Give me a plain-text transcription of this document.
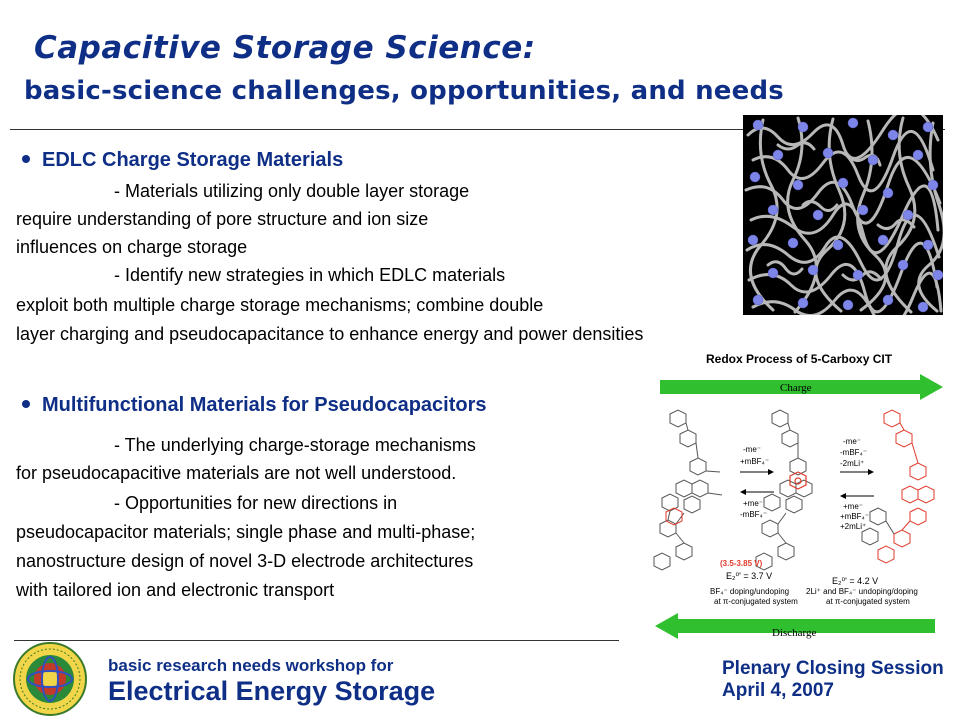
Capacitive Storage Science:
basic-science challenges, opportunities, and needs
EDLC Charge Storage Materials
- Materials utilizing only double layer storage
require understanding of pore structure and ion size
influences on charge storage
- Identify new strategies in which EDLC materials
exploit both multiple charge storage mechanisms; combine double
layer charging and pseudocapacitance to enhance energy and power densities
Multifunctional Materials for Pseudocapacitors
- The underlying charge-storage mechanisms
for pseudocapacitive materials are not well understood.
- Opportunities for new directions in
pseudocapacitor materials; single phase and multi-phase;
nanostructure design of novel 3-D electrode architectures
with tailored ion and electronic transport
Redox Process of 5-Carboxy CIT
Charge
-me⁻
+mBF₄⁻
+me⁻
-mBF₄⁻
-me⁻
-mBF₄⁻
-2mLi⁺
+me⁻
+mBF₄⁻
+2mLi⁺
(3.5-3.85 V)
E₂⁰' = 3.7 V
BF₄⁻ doping/undoping
at π-conjugated system
E₂⁰' = 4.2 V
2Li⁺ and BF₄⁻ undoping/doping
at π-conjugated system
Discharge
basic research needs workshop for
Electrical Energy Storage
Plenary Closing Session
April 4, 2007
